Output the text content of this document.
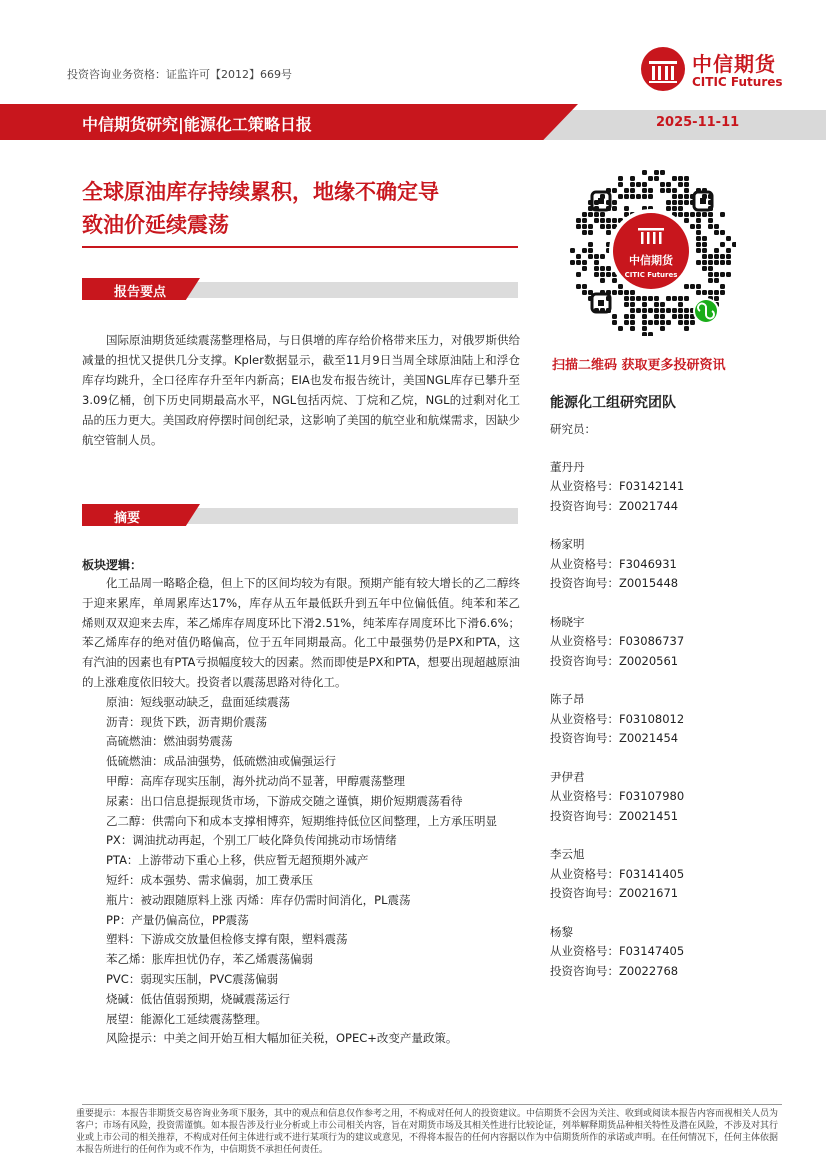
投资咨询业务资格：证监许可【2012】669号	中信期货
CITIC Futures
中信期货研究|能源化工策略日报	2025-11-11
全球原油库存持续累积，地缘不确定导
致油价延续震荡
报告要点

国际原油期货延续震荡整理格局，与日俱增的库存给价格带来压力，对俄罗斯供给减量的担忧又提供几分支撑。Kpler数据显示，截至11月9日当周全球原油陆上和浮仓库存均跳升，全口径库存升至年内新高；EIA也发布报告统计，美国NGL库存已攀升至3.09亿桶，创下历史同期最高水平，NGL包括丙烷、丁烷和乙烷，NGL的过剩对化工品的压力更大。美国政府停摆时间创纪录，这影响了美国的航空业和航煤需求，因缺少航空管制人员。

摘要
板块逻辑：

化工品周一略略企稳，但上下的区间均较为有限。预期产能有较大增长的乙二醇终于迎来累库，单周累库达17%，库存从五年最低跃升到五年中位偏低值。纯苯和苯乙烯则双双迎来去库，苯乙烯库存周度环比下滑2.51%，纯苯库存周度环比下滑6.6%；苯乙烯库存的绝对值仍略偏高，位于五年同期最高。化工中最强势仍是PX和PTA，这有汽油的因素也有PTA亏损幅度较大的因素。然而即使是PX和PTA，想要出现超越原油的上涨难度依旧较大。投资者以震荡思路对待化工。

原油：短线驱动缺乏，盘面延续震荡

沥青：现货下跌，沥青期价震荡

高硫燃油：燃油弱势震荡

低硫燃油：成品油强势，低硫燃油或偏强运行

甲醇：高库存现实压制，海外扰动尚不显著，甲醇震荡整理

尿素：出口信息提振现货市场，下游成交随之谨慎，期价短期震荡看待

乙二醇：供需向下和成本支撑相博弈，短期维持低位区间整理，上方承压明显

PX：调油扰动再起，个别工厂岐化降负传闻挑动市场情绪

PTA：上游带动下重心上移，供应暂无超预期外减产

短纤：成本强势、需求偏弱，加工费承压

瓶片：被动跟随原料上涨 丙烯：库存仍需时间消化，PL震荡

PP：产量仍偏高位，PP震荡

塑料：下游成交放量但检修支撑有限，塑料震荡

苯乙烯：胀库担忧仍存，苯乙烯震荡偏弱

PVC：弱现实压制，PVC震荡偏弱

烧碱：低估值弱预期，烧碱震荡运行

展望：能源化工延续震荡整理。

风险提示：中美之间开始互相大幅加征关税，OPEC+改变产量政策。

中信期货
CITIC Futures
扫描二维码 获取更多投研资讯
能源化工组研究团队
研究员：
董丹丹
从业资格号：F03142141
投资咨询号：Z0021744
杨家明
从业资格号：F3046931
投资咨询号：Z0015448
杨晓宇
从业资格号：F03086737
投资咨询号：Z0020561
陈子昂
从业资格号：F03108012
投资咨询号：Z0021454
尹伊君
从业资格号：F03107980
投资咨询号：Z0021451
李云旭
从业资格号：F03141405
投资咨询号：Z0021671
杨黎
从业资格号：F03147405
投资咨询号：Z0022768
重要提示：本报告非期货交易咨询业务项下服务，其中的观点和信息仅作参考之用，不构成对任何人的投资建议。中信期货不会因为关注、收到或阅读本报告内容而视相关人员为客户；市场有风险，投资需谨慎。如本报告涉及行业分析或上市公司相关内容，旨在对期货市场及其相关性进行比较论证，列举解释期货品种相关特性及潜在风险，不涉及对其行业或上市公司的相关推荐，不构成对任何主体进行或不进行某项行为的建议或意见，不得将本报告的任何内容据以作为中信期货所作的承诺或声明。在任何情况下，任何主体依据本报告所进行的任何作为或不作为，中信期货不承担任何责任。
